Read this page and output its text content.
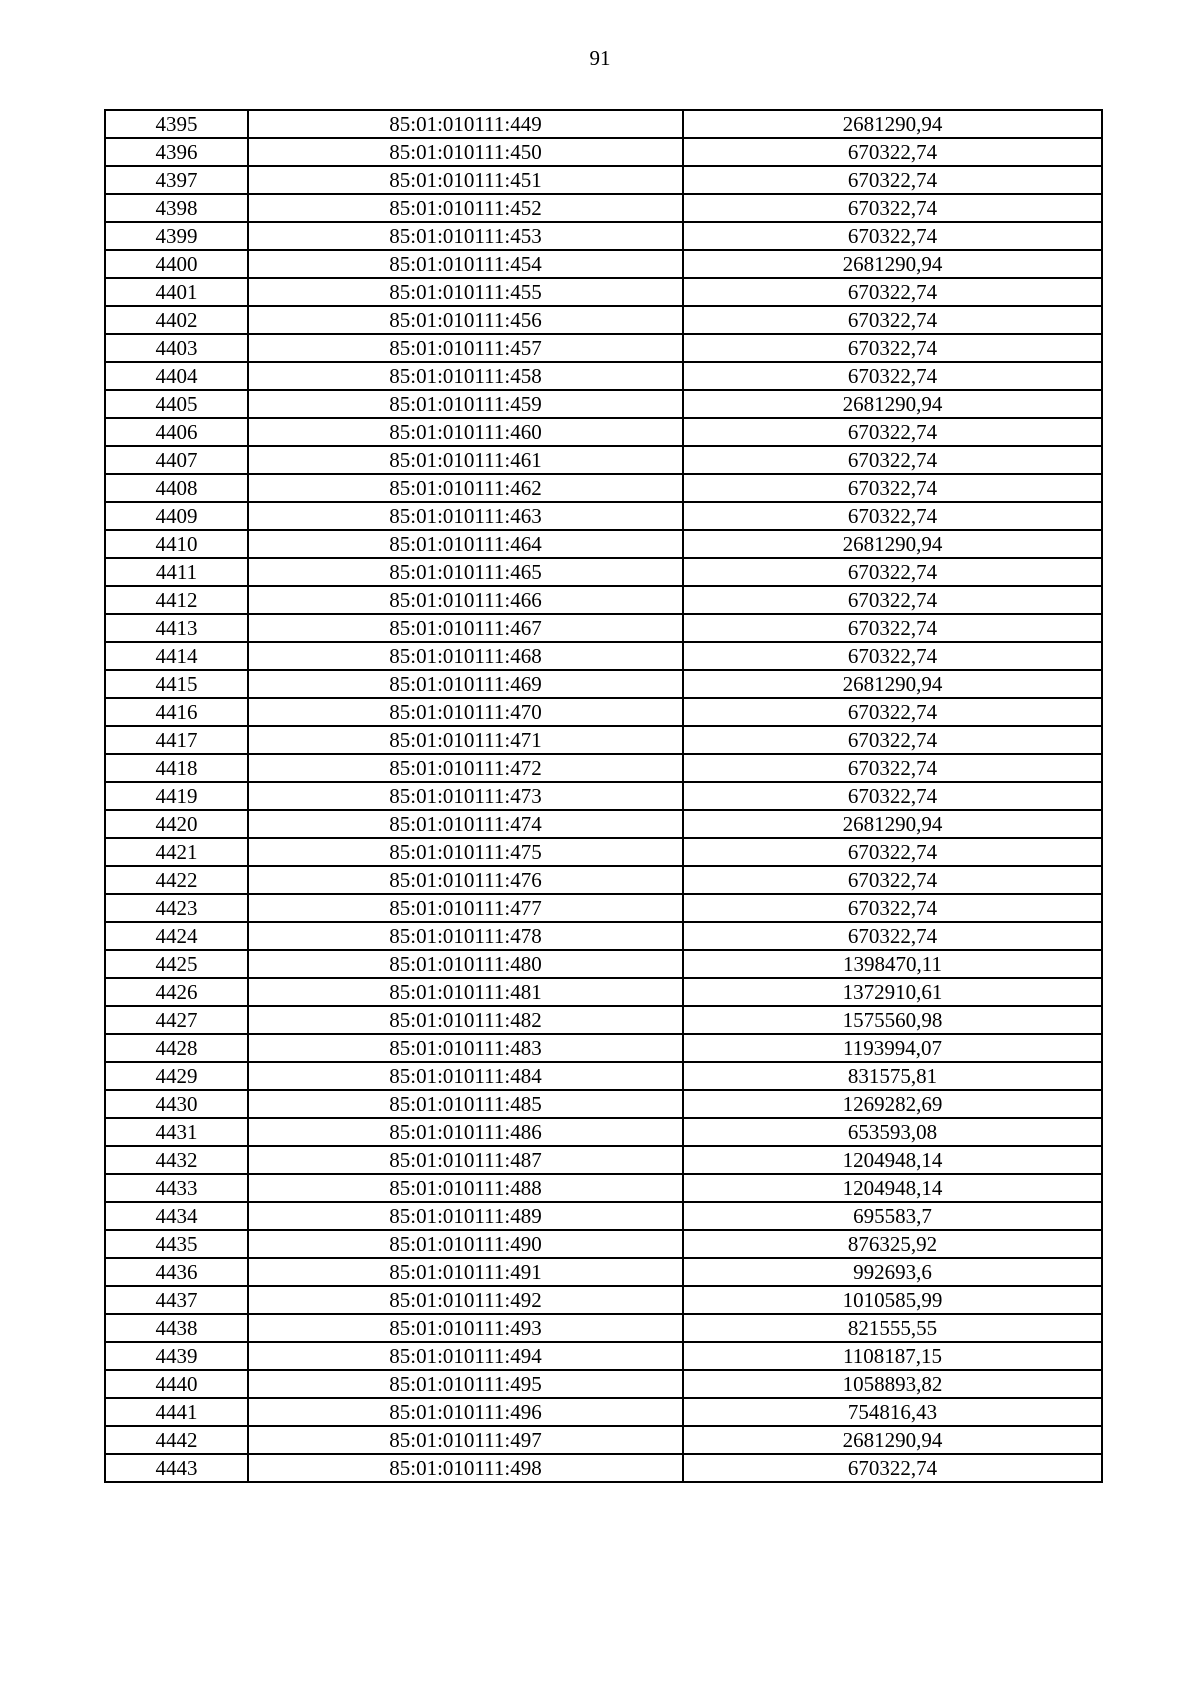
91
4395	85:01:010111:449	2681290,94
4396	85:01:010111:450	670322,74
4397	85:01:010111:451	670322,74
4398	85:01:010111:452	670322,74
4399	85:01:010111:453	670322,74
4400	85:01:010111:454	2681290,94
4401	85:01:010111:455	670322,74
4402	85:01:010111:456	670322,74
4403	85:01:010111:457	670322,74
4404	85:01:010111:458	670322,74
4405	85:01:010111:459	2681290,94
4406	85:01:010111:460	670322,74
4407	85:01:010111:461	670322,74
4408	85:01:010111:462	670322,74
4409	85:01:010111:463	670322,74
4410	85:01:010111:464	2681290,94
4411	85:01:010111:465	670322,74
4412	85:01:010111:466	670322,74
4413	85:01:010111:467	670322,74
4414	85:01:010111:468	670322,74
4415	85:01:010111:469	2681290,94
4416	85:01:010111:470	670322,74
4417	85:01:010111:471	670322,74
4418	85:01:010111:472	670322,74
4419	85:01:010111:473	670322,74
4420	85:01:010111:474	2681290,94
4421	85:01:010111:475	670322,74
4422	85:01:010111:476	670322,74
4423	85:01:010111:477	670322,74
4424	85:01:010111:478	670322,74
4425	85:01:010111:480	1398470,11
4426	85:01:010111:481	1372910,61
4427	85:01:010111:482	1575560,98
4428	85:01:010111:483	1193994,07
4429	85:01:010111:484	831575,81
4430	85:01:010111:485	1269282,69
4431	85:01:010111:486	653593,08
4432	85:01:010111:487	1204948,14
4433	85:01:010111:488	1204948,14
4434	85:01:010111:489	695583,7
4435	85:01:010111:490	876325,92
4436	85:01:010111:491	992693,6
4437	85:01:010111:492	1010585,99
4438	85:01:010111:493	821555,55
4439	85:01:010111:494	1108187,15
4440	85:01:010111:495	1058893,82
4441	85:01:010111:496	754816,43
4442	85:01:010111:497	2681290,94
4443	85:01:010111:498	670322,74
